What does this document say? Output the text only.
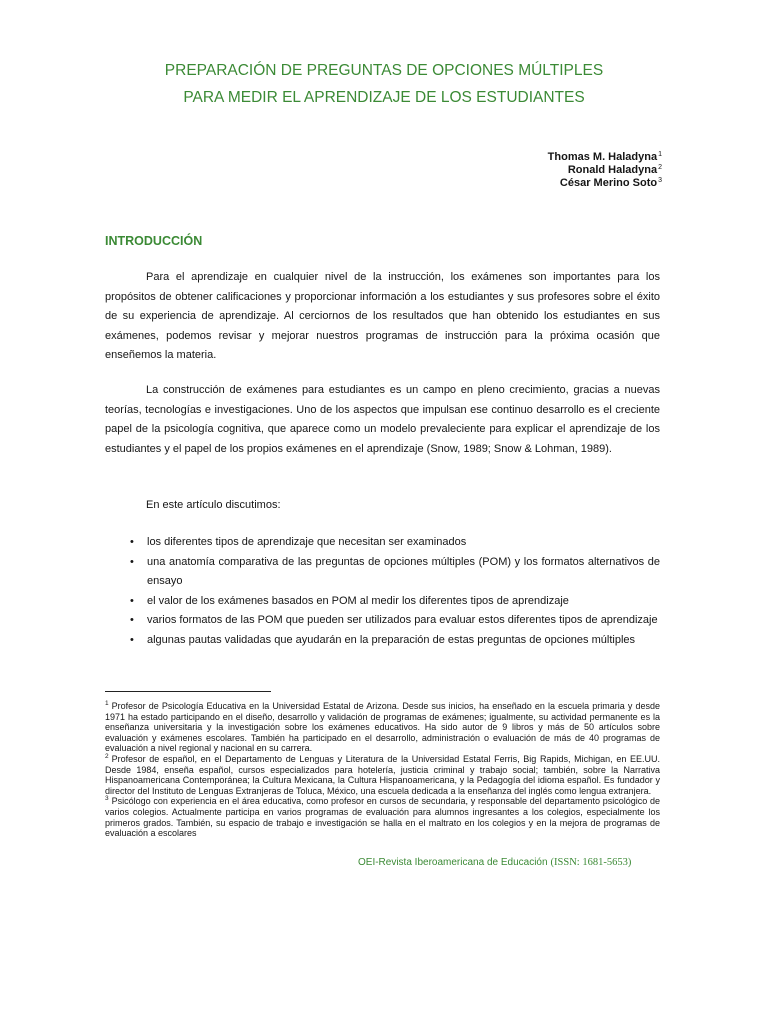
PREPARACIÓN DE PREGUNTAS DE OPCIONES MÚLTIPLES
PARA MEDIR EL APRENDIZAJE DE LOS ESTUDIANTES
Thomas M. Haladyna$^1$
Ronald Haladyna$^2$
César Merino Soto$^3$
INTRODUCCIÓN

Para el aprendizaje en cualquier nivel de la instrucción, los exámenes son importantes para los propósitos de obtener calificaciones y proporcionar información a los estudiantes y sus profesores sobre el éxito de su experiencia de aprendizaje. Al cerciornos de los resultados que han obtenido los estudiantes en sus exámenes, podemos revisar y mejorar nuestros programas de instrucción para la próxima ocasión que enseñemos la materia.

La construcción de exámenes para estudiantes es un campo en pleno crecimiento, gracias a nuevas teorías, tecnologías e investigaciones. Uno de los aspectos que impulsan ese continuo desarrollo es el creciente papel de la psicología cognitiva, que aparece como un modelo prevaleciente para explicar el aprendizaje de los estudiantes y el papel de los propios exámenes en el aprendizaje (Snow, 1989; Snow & Lohman, 1989).

En este artículo discutimos:

•
los diferentes tipos de aprendizaje que necesitan ser examinados
•
una anatomía comparativa de las preguntas de opciones múltiples (POM) y los formatos alternativos de ensayo
•
el valor de los exámenes basados en POM al medir los diferentes tipos de aprendizaje
•
varios formatos de las POM que pueden ser utilizados para evaluar estos diferentes tipos de aprendizaje
•
algunas pautas validadas que ayudarán en la preparación de estas preguntas de opciones múltiples

$^1$ Profesor de Psicología Educativa en la Universidad Estatal de Arizona. Desde sus inicios, ha enseñado en la escuela primaria y desde 1971 ha estado participando en el diseño, desarrollo y validación de programas de exámenes; igualmente, su actividad permanente es la enseñanza universitaria y la investigación sobre los exámenes educativos. Ha sido autor de 9 libros y más de 50 artículos sobre evaluación y exámenes escolares. También ha participado en el desarrollo, administración o evaluación de más de 40 programas de evaluación a nivel regional y nacional en su carrera.

$^2$ Profesor de español, en el Departamento de Lenguas y Literatura de la Universidad Estatal Ferris, Big Rapids, Michigan, en EE.UU. Desde 1984, enseña español, cursos especializados para hotelería, justicia criminal y trabajo social; también, sobre la Narrativa Hispanoamericana Contemporánea; la Cultura Mexicana, la Cultura Hispanoamericana, y la Pedagogía del idioma español. Es fundador y director del Instituto de Lenguas Extranjeras de Toluca, México, una escuela dedicada a la enseñanza del inglés como lengua extranjera.

$^3$ Psicólogo con experiencia en el área educativa, como profesor en cursos de secundaria, y responsable del departamento psicológico de varios colegios. Actualmente participa en varios programas de evaluación para alumnos ingresantes a los colegios, especialmente los primeros grados. También, su espacio de trabajo e investigación se halla en el maltrato en los colegios y en la mejora de programas de evaluación a escolares

OEI-Revista Iberoamericana de Educación (ISSN: 1681-5653)
